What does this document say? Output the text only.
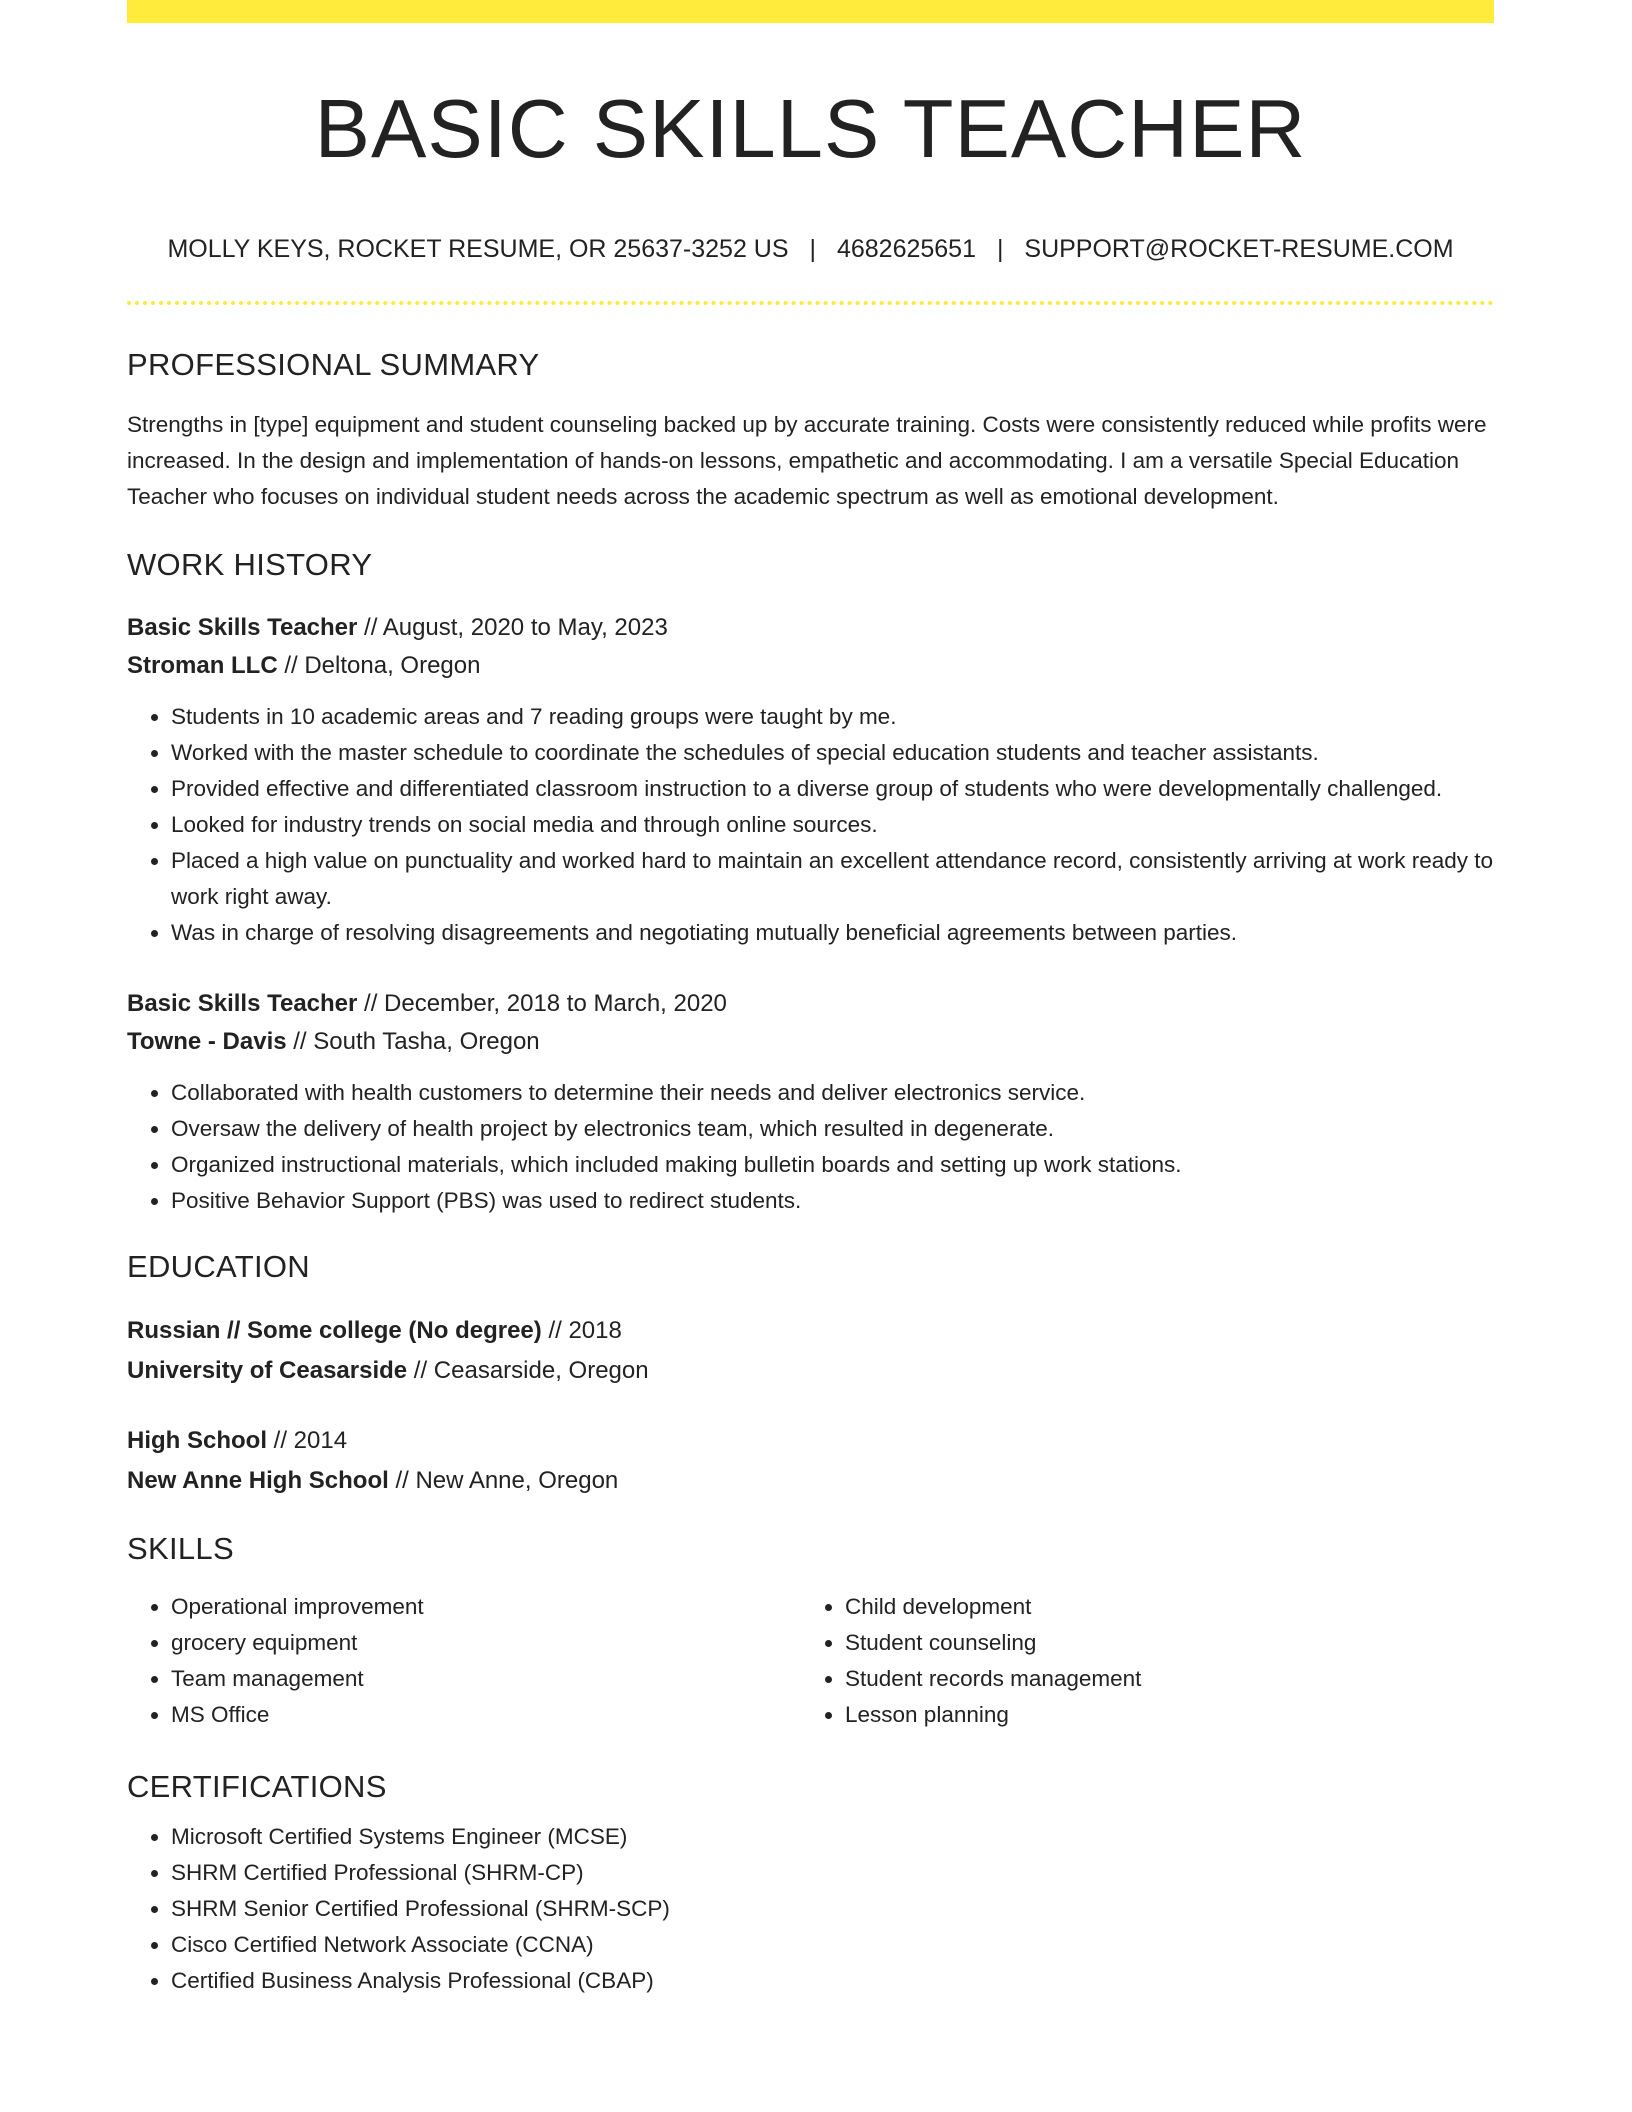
BASIC SKILLS TEACHER
MOLLY KEYS, ROCKET RESUME, OR 25637-3252 US | 4682625651 | SUPPORT@ROCKET-RESUME.COM
PROFESSIONAL SUMMARY

Strengths in [type] equipment and student counseling backed up by accurate training. Costs were consistently reduced while profits were increased. In the design and implementation of hands-on lessons, empathetic and accommodating. I am a versatile Special Education Teacher who focuses on individual student needs across the academic spectrum as well as emotional development.

WORK HISTORY
Basic Skills Teacher // August, 2020 to May, 2023
Stroman LLC // Deltona, Oregon
• Students in 10 academic areas and 7 reading groups were taught by me.
• Worked with the master schedule to coordinate the schedules of special education students and teacher assistants.
• Provided effective and differentiated classroom instruction to a diverse group of students who were developmentally challenged.
• Looked for industry trends on social media and through online sources.
• Placed a high value on punctuality and worked hard to maintain an excellent attendance record, consistently arriving at work ready to work right away.
• Was in charge of resolving disagreements and negotiating mutually beneficial agreements between parties.
Basic Skills Teacher // December, 2018 to March, 2020
Towne - Davis // South Tasha, Oregon
• Collaborated with health customers to determine their needs and deliver electronics service.
• Oversaw the delivery of health project by electronics team, which resulted in degenerate.
• Organized instructional materials, which included making bulletin boards and setting up work stations.
• Positive Behavior Support (PBS) was used to redirect students.
EDUCATION
Russian // Some college (No degree) // 2018
University of Ceasarside // Ceasarside, Oregon
High School // 2014
New Anne High School // New Anne, Oregon
SKILLS
• Operational improvement
• grocery equipment
• Team management
• MS Office
• Child development
• Student counseling
• Student records management
• Lesson planning
CERTIFICATIONS
• Microsoft Certified Systems Engineer (MCSE)
• SHRM Certified Professional (SHRM-CP)
• SHRM Senior Certified Professional (SHRM-SCP)
• Cisco Certified Network Associate (CCNA)
• Certified Business Analysis Professional (CBAP)
